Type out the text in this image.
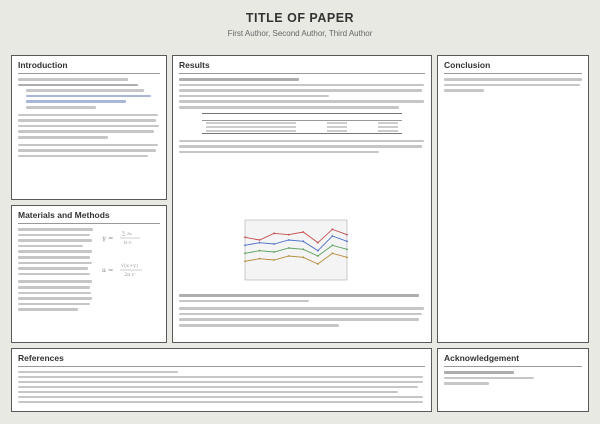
TITLE OF PAPER
First Author, Second Author, Third Author
Introduction
Materials and Methods
γ = ∑ aₙ
b·c
a = √(x+y)
2π r
Results	Conclusion
References	Acknowledgement
